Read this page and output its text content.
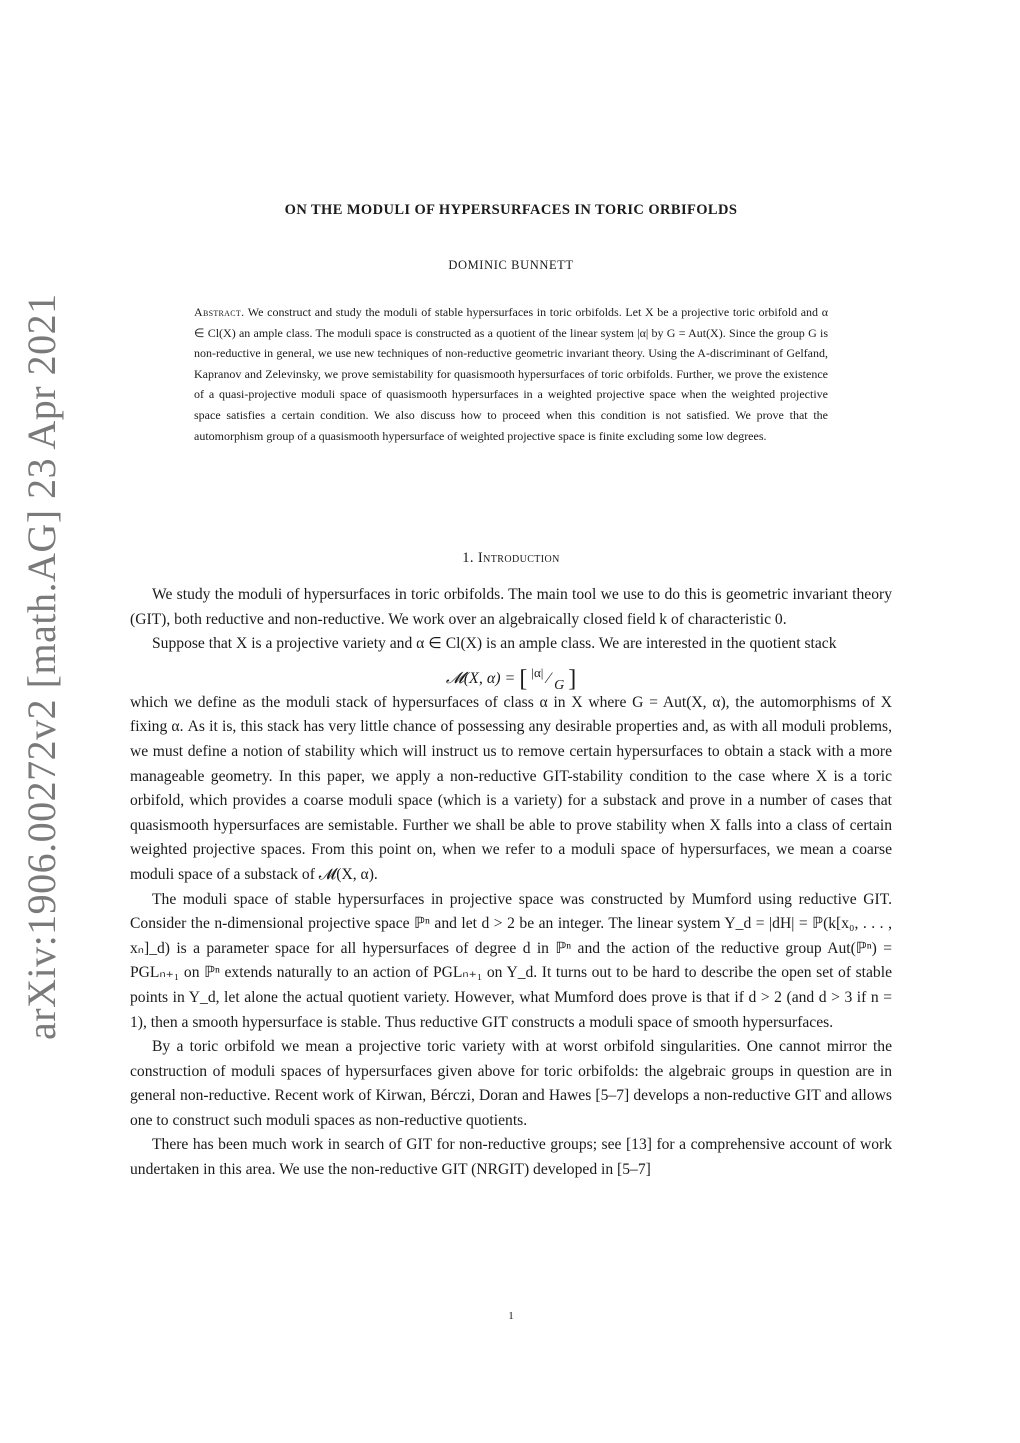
arXiv:1906.00272v2 [math.AG] 23 Apr 2021
ON THE MODULI OF HYPERSURFACES IN TORIC ORBIFOLDS
DOMINIC BUNNETT
Abstract. We construct and study the moduli of stable hypersurfaces in toric orbifolds. Let X be a projective toric orbifold and α ∈ Cl(X) an ample class. The moduli space is constructed as a quotient of the linear system |α| by G = Aut(X). Since the group G is non-reductive in general, we use new techniques of non-reductive geometric invariant theory. Using the A-discriminant of Gelfand, Kapranov and Zelevinsky, we prove semistability for quasismooth hypersurfaces of toric orbifolds. Further, we prove the existence of a quasi-projective moduli space of quasismooth hypersurfaces in a weighted projective space when the weighted projective space satisfies a certain condition. We also discuss how to proceed when this condition is not satisfied. We prove that the automorphism group of a quasismooth hypersurface of weighted projective space is finite excluding some low degrees.
1. Introduction

We study the moduli of hypersurfaces in toric orbifolds. The main tool we use to do this is geometric invariant theory (GIT), both reductive and non-reductive. We work over an algebraically closed field k of characteristic 0.

Suppose that X is a projective variety and α ∈ Cl(X) is an ample class. We are interested in the quotient stack

𝓜(X, α) = [ $^{|\alpha|}$ ⁄ G ]

which we define as the moduli stack of hypersurfaces of class α in X where G = Aut(X, α), the automorphisms of X fixing α. As it is, this stack has very little chance of possessing any desirable properties and, as with all moduli problems, we must define a notion of stability which will instruct us to remove certain hypersurfaces to obtain a stack with a more manageable geometry. In this paper, we apply a non-reductive GIT-stability condition to the case where X is a toric orbifold, which provides a coarse moduli space (which is a variety) for a substack and prove in a number of cases that quasismooth hypersurfaces are semistable. Further we shall be able to prove stability when X falls into a class of certain weighted projective spaces. From this point on, when we refer to a moduli space of hypersurfaces, we mean a coarse moduli space of a substack of 𝓜(X, α).

The moduli space of stable hypersurfaces in projective space was constructed by Mumford using reductive GIT. Consider the n-dimensional projective space ℙⁿ and let d > 2 be an integer. The linear system Y_d = |dH| = ℙ(k[x₀, . . . , xₙ]_d) is a parameter space for all hypersurfaces of degree d in ℙⁿ and the action of the reductive group Aut(ℙⁿ) = PGLₙ₊₁ on ℙⁿ extends naturally to an action of PGLₙ₊₁ on Y_d. It turns out to be hard to describe the open set of stable points in Y_d, let alone the actual quotient variety. However, what Mumford does prove is that if d > 2 (and d > 3 if n = 1), then a smooth hypersurface is stable. Thus reductive GIT constructs a moduli space of smooth hypersurfaces.

By a toric orbifold we mean a projective toric variety with at worst orbifold singularities. One cannot mirror the construction of moduli spaces of hypersurfaces given above for toric orbifolds: the algebraic groups in question are in general non-reductive. Recent work of Kirwan, Bérczi, Doran and Hawes [5–7] develops a non-reductive GIT and allows one to construct such moduli spaces as non-reductive quotients.

There has been much work in search of GIT for non-reductive groups; see [13] for a comprehensive account of work undertaken in this area. We use the non-reductive GIT (NRGIT) developed in [5–7]

1
